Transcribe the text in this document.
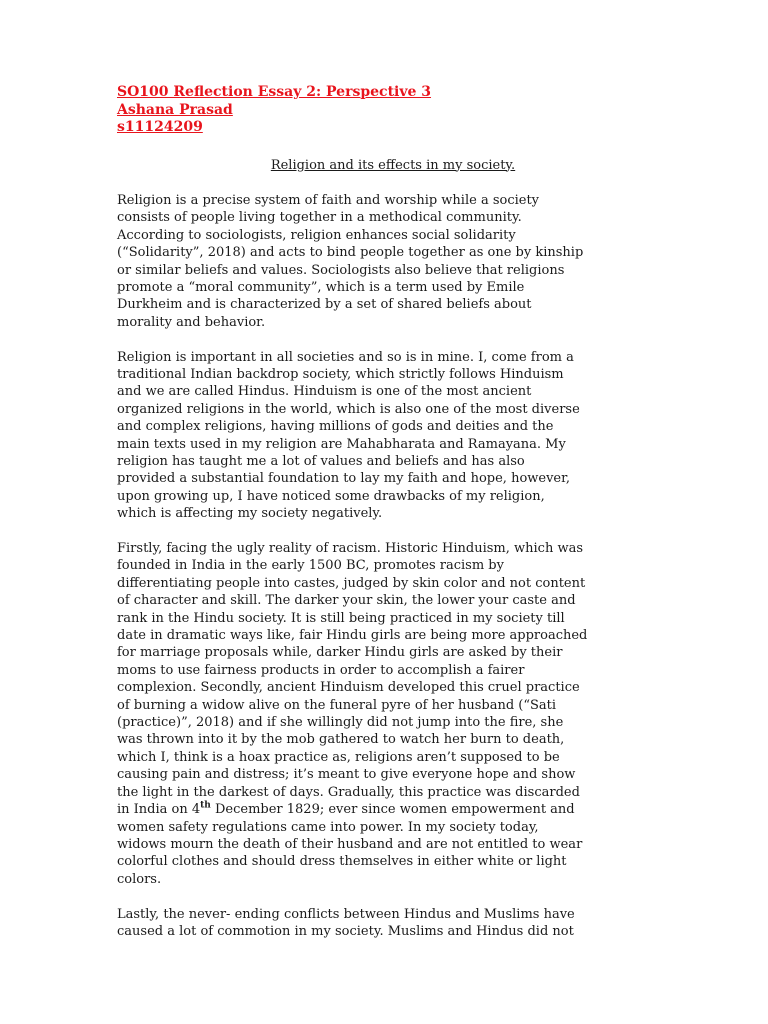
SO100 Reflection Essay 2: Perspective 3
Ashana Prasad
s11124209
Religion and its effects in my society.
Religion is a precise system of faith and worship while a society
consists of people living together in a methodical community.
According to sociologists, religion enhances social solidarity
(“Solidarity”, 2018) and acts to bind people together as one by kinship
or similar beliefs and values. Sociologists also believe that religions
promote a “moral community”, which is a term used by Emile
Durkheim and is characterized by a set of shared beliefs about
morality and behavior.
Religion is important in all societies and so is in mine. I, come from a
traditional Indian backdrop society, which strictly follows Hinduism
and we are called Hindus. Hinduism is one of the most ancient
organized religions in the world, which is also one of the most diverse
and complex religions, having millions of gods and deities and the
main texts used in my religion are Mahabharata and Ramayana. My
religion has taught me a lot of values and beliefs and has also
provided a substantial foundation to lay my faith and hope, however,
upon growing up, I have noticed some drawbacks of my religion,
which is affecting my society negatively.
Firstly, facing the ugly reality of racism. Historic Hinduism, which was
founded in India in the early 1500 BC, promotes racism by
differentiating people into castes, judged by skin color and not content
of character and skill. The darker your skin, the lower your caste and
rank in the Hindu society. It is still being practiced in my society till
date in dramatic ways like, fair Hindu girls are being more approached
for marriage proposals while, darker Hindu girls are asked by their
moms to use fairness products in order to accomplish a fairer
complexion. Secondly, ancient Hinduism developed this cruel practice
of burning a widow alive on the funeral pyre of her husband (“Sati
(practice)”, 2018) and if she willingly did not jump into the fire, she
was thrown into it by the mob gathered to watch her burn to death,
which I, think is a hoax practice as, religions aren’t supposed to be
causing pain and distress; it’s meant to give everyone hope and show
the light in the darkest of days. Gradually, this practice was discarded
in India on 4th December 1829; ever since women empowerment and
women safety regulations came into power. In my society today,
widows mourn the death of their husband and are not entitled to wear
colorful clothes and should dress themselves in either white or light
colors.
Lastly, the never- ending conflicts between Hindus and Muslims have
caused a lot of commotion in my society. Muslims and Hindus did not
